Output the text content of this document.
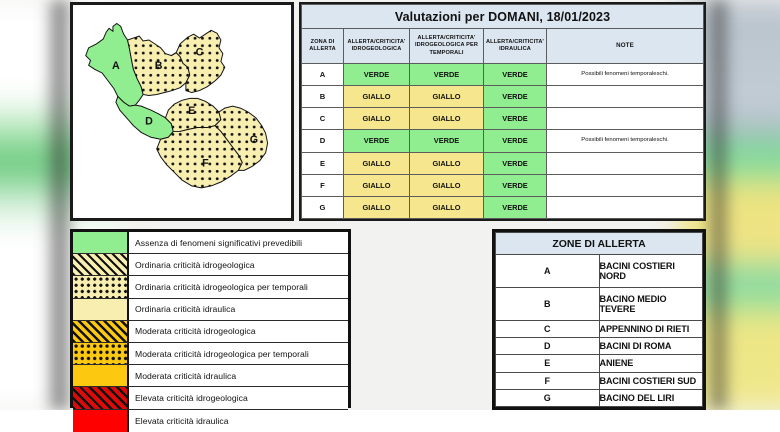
A	B
C
D
E
F
G
Valutazioni per DOMANI, 18/01/2023				
ZONA DI ALLERTA	ALLERTA/CRITICITA' IDROGEOLOGICA	ALLERTA/CRITICITA' IDROGEOLOGICA PER TEMPORALI	ALLERTA/CRITICITA' IDRAULICA	NOTE
A	VERDE	VERDE	VERDE	Possibili fenomeni temporaleschi.
B	GIALLO	GIALLO	VERDE	
C	GIALLO	GIALLO	VERDE	
D	VERDE	VERDE	VERDE	Possibili fenomeni temporaleschi.
E	GIALLO	GIALLO	VERDE	
F	GIALLO	GIALLO	VERDE	
G	GIALLO	GIALLO	VERDE	
Assenza di fenomeni significativi prevedibili
Ordinaria criticità idrogeologica
Ordinaria criticità idrogeologica per temporali
Ordinaria criticità idraulica
Moderata criticità idrogeologica
Moderata criticità idrogeologica per temporali
Moderata criticità idraulica
Elevata criticità idrogeologica
Elevata criticità idraulica
ZONE DI ALLERTA	
A	BACINI COSTIERI NORD
B	BACINO MEDIO TEVERE
C	APPENNINO DI RIETI
D	BACINI DI ROMA
E	ANIENE
F	BACINI COSTIERI SUD
G	BACINO DEL LIRI
